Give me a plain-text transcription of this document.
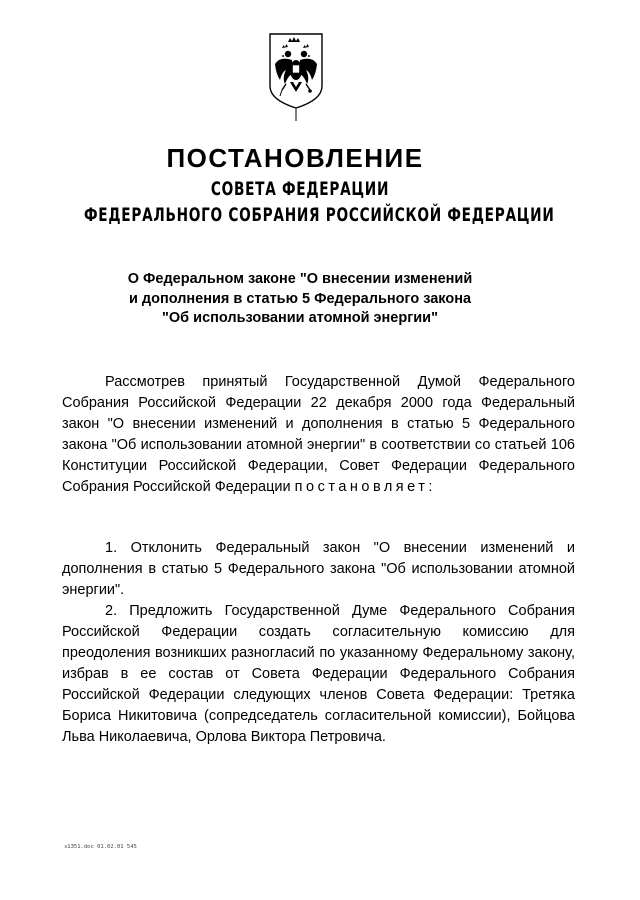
ПОСТАНОВЛЕНИЕ
СОВЕТА ФЕДЕРАЦИИ
ФЕДЕРАЛЬНОГО СОБРАНИЯ РОССИЙСКОЙ ФЕДЕРАЦИИ
О Федеральном законе "О внесении изменений
и дополнения в статью 5 Федерального закона
"Об использовании атомной энергии"

Рассмотрев принятый Государственной Думой Федерального Собрания Российской Федерации 22 декабря 2000 года Федеральный закон "О внесении изменений и дополнения в статью 5 Федерального закона "Об использовании атомной энергии" в соответствии со статьей 106 Конституции Российской Федерации, Совет Федерации Федерального Собрания Российской Федерации постановляет:

1. Отклонить Федеральный закон "О внесении изменений и дополнения в статью 5 Федерального закона "Об использовании атомной энергии".

2. Предложить Государственной Думе Федерального Собрания Российской Федерации создать согласительную комиссию для преодоления возникших разногласий по указанному Федеральному закону, избрав в ее состав от Совета Федерации Федерального Собрания Российской Федерации следующих членов Совета Федерации: Третяка Бориса Никитовича (сопредседатель согласительной комиссии), Бойцова Льва Николаевича, Орлова Виктора Петровича.

з1351.doc 01.02.01 545
